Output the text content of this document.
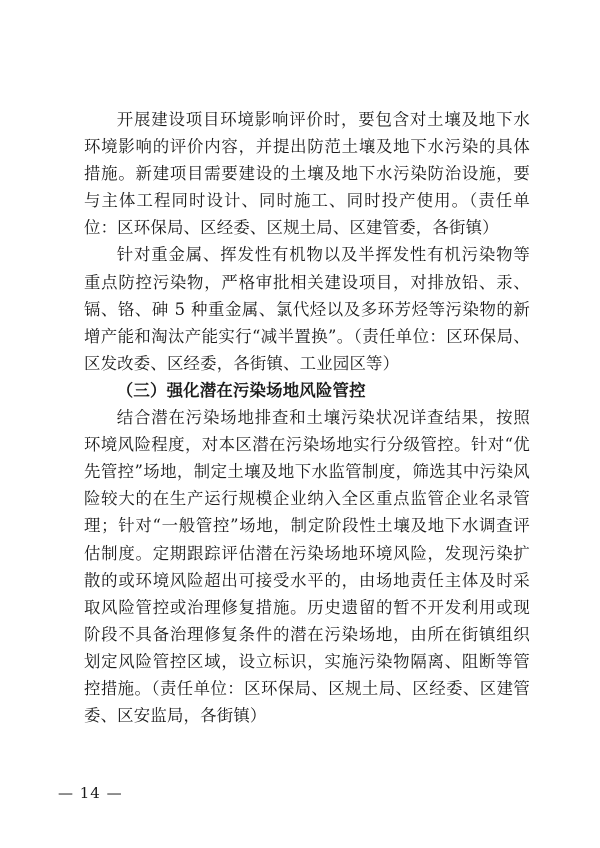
开展建设项目环境影响评价时，要包含对土壤及地下水环境影响的评价内容，并提出防范土壤及地下水污染的具体措施。新建项目需要建设的土壤及地下水污染防治设施，要与主体工程同时设计、同时施工、同时投产使用。（责任单位：区环保局、区经委、区规土局、区建管委，各街镇）

针对重金属、挥发性有机物以及半挥发性有机污染物等重点防控污染物，严格审批相关建设项目，对排放铅、汞、镉、铬、砷 5 种重金属、氯代烃以及多环芳烃等污染物的新增产能和淘汰产能实行“减半置换”。（责任单位：区环保局、区发改委、区经委，各街镇、工业园区等）

（三）强化潜在污染场地风险管控

结合潜在污染场地排查和土壤污染状况详查结果，按照环境风险程度，对本区潜在污染场地实行分级管控。针对“优先管控”场地，制定土壤及地下水监管制度，筛选其中污染风险较大的在生产运行规模企业纳入全区重点监管企业名录管理；针对“一般管控”场地，制定阶段性土壤及地下水调查评估制度。定期跟踪评估潜在污染场地环境风险，发现污染扩散的或环境风险超出可接受水平的，由场地责任主体及时采取风险管控或治理修复措施。历史遗留的暂不开发利用或现阶段不具备治理修复条件的潜在污染场地，由所在街镇组织划定风险管控区域，设立标识，实施污染物隔离、阻断等管控措施。（责任单位：区环保局、区规土局、区经委、区建管委、区安监局，各街镇）

— 14 —
